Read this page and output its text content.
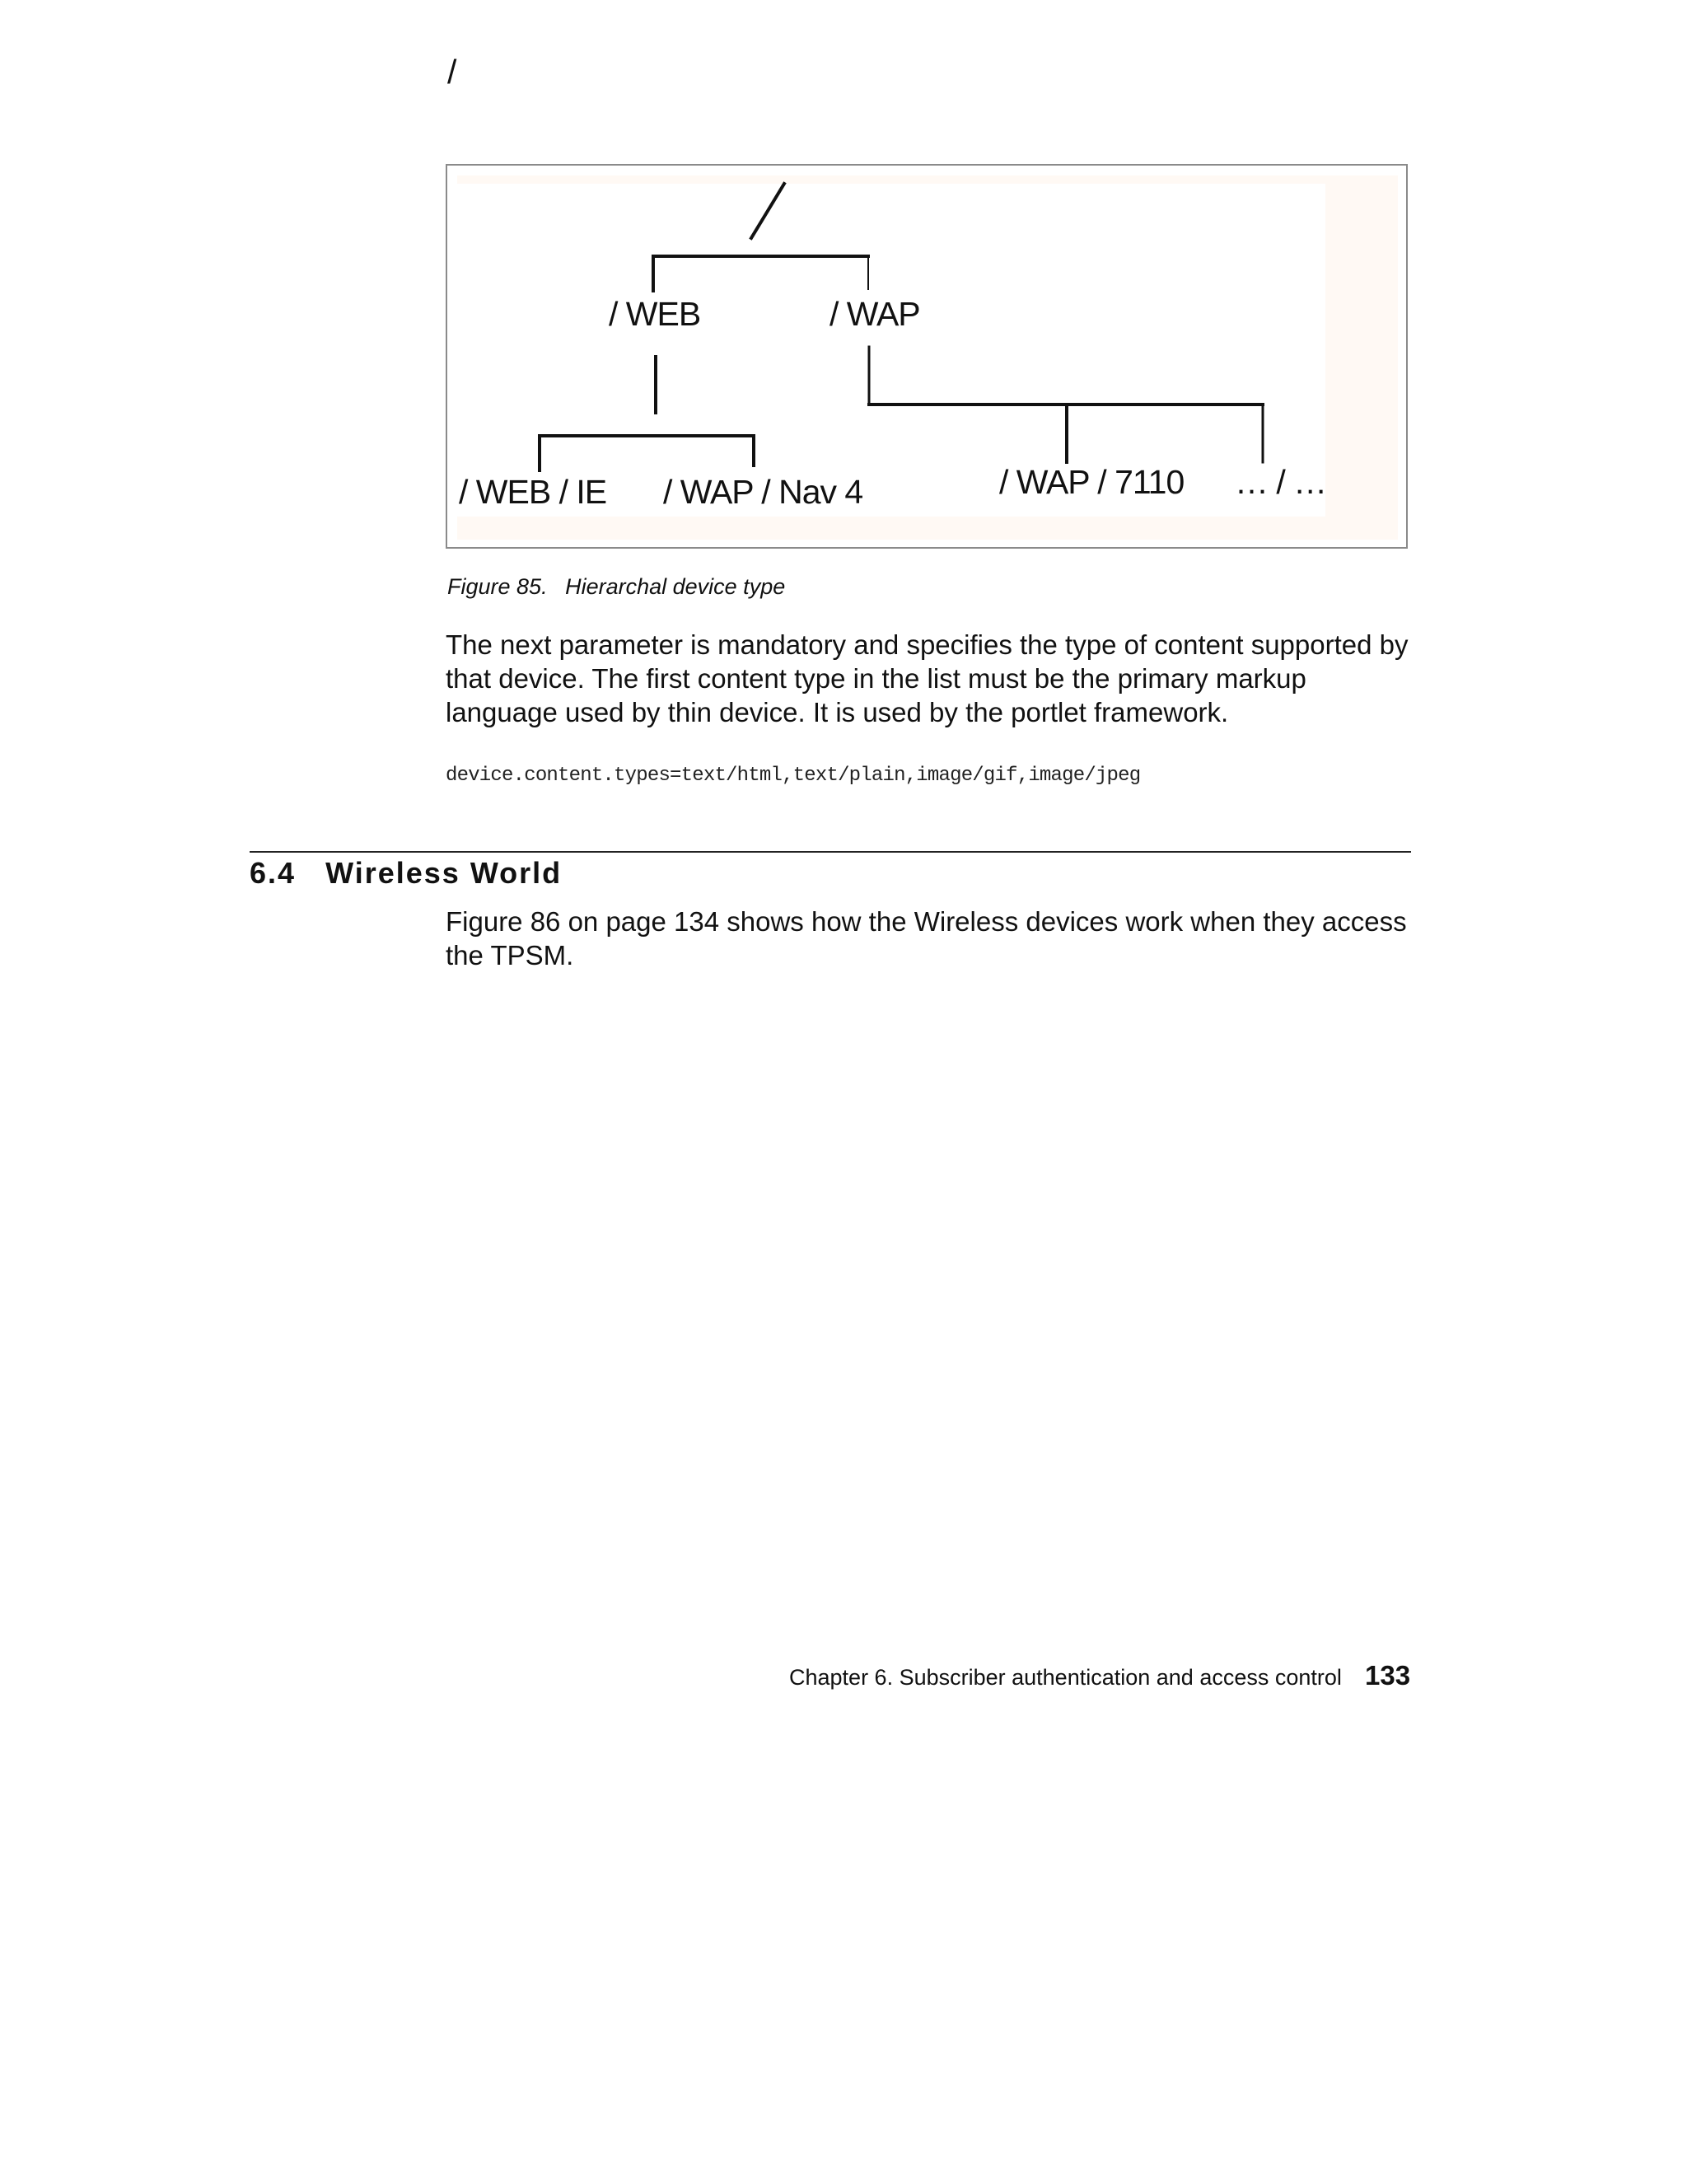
/
/ WEB	/ WAP
/ WEB / IE / WAP / Nav 4	/ WAP / 7110 … / …
Figure 85. Hierarchal device type

The next parameter is mandatory and specifies the type of content supported by that device. The first content type in the list must be the primary markup language used by thin device. It is used by the portlet framework.

device.content.types=text/html,text/plain,image/gif,image/jpeg
6.4 Wireless World

Figure 86 on page 134 shows how the Wireless devices work when they access the TPSM.

Chapter 6. Subscriber authentication and access control 133
